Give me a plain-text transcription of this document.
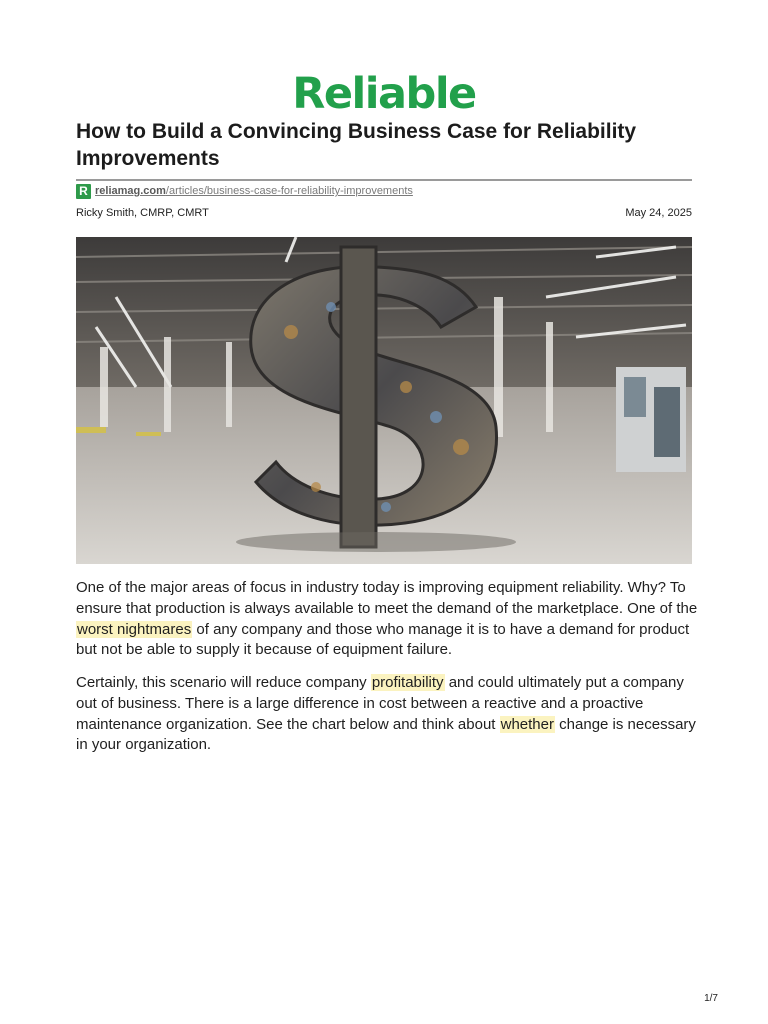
Reliable
How to Build a Convincing Business Case for Reliability Improvements
R reliamag.com/articles/business-case-for-reliability-improvements
Ricky Smith, CMRP, CMRT	May 24, 2025

One of the major areas of focus in industry today is improving equipment reliability. Why? To ensure that production is always available to meet the demand of the marketplace. One of the worst nightmares of any company and those who manage it is to have a demand for product but not be able to supply it because of equipment failure.

Certainly, this scenario will reduce company profitability and could ultimately put a company out of business. There is a large difference in cost between a reactive and a proactive maintenance organization. See the chart below and think about whether change is necessary in your organization.

1/7
